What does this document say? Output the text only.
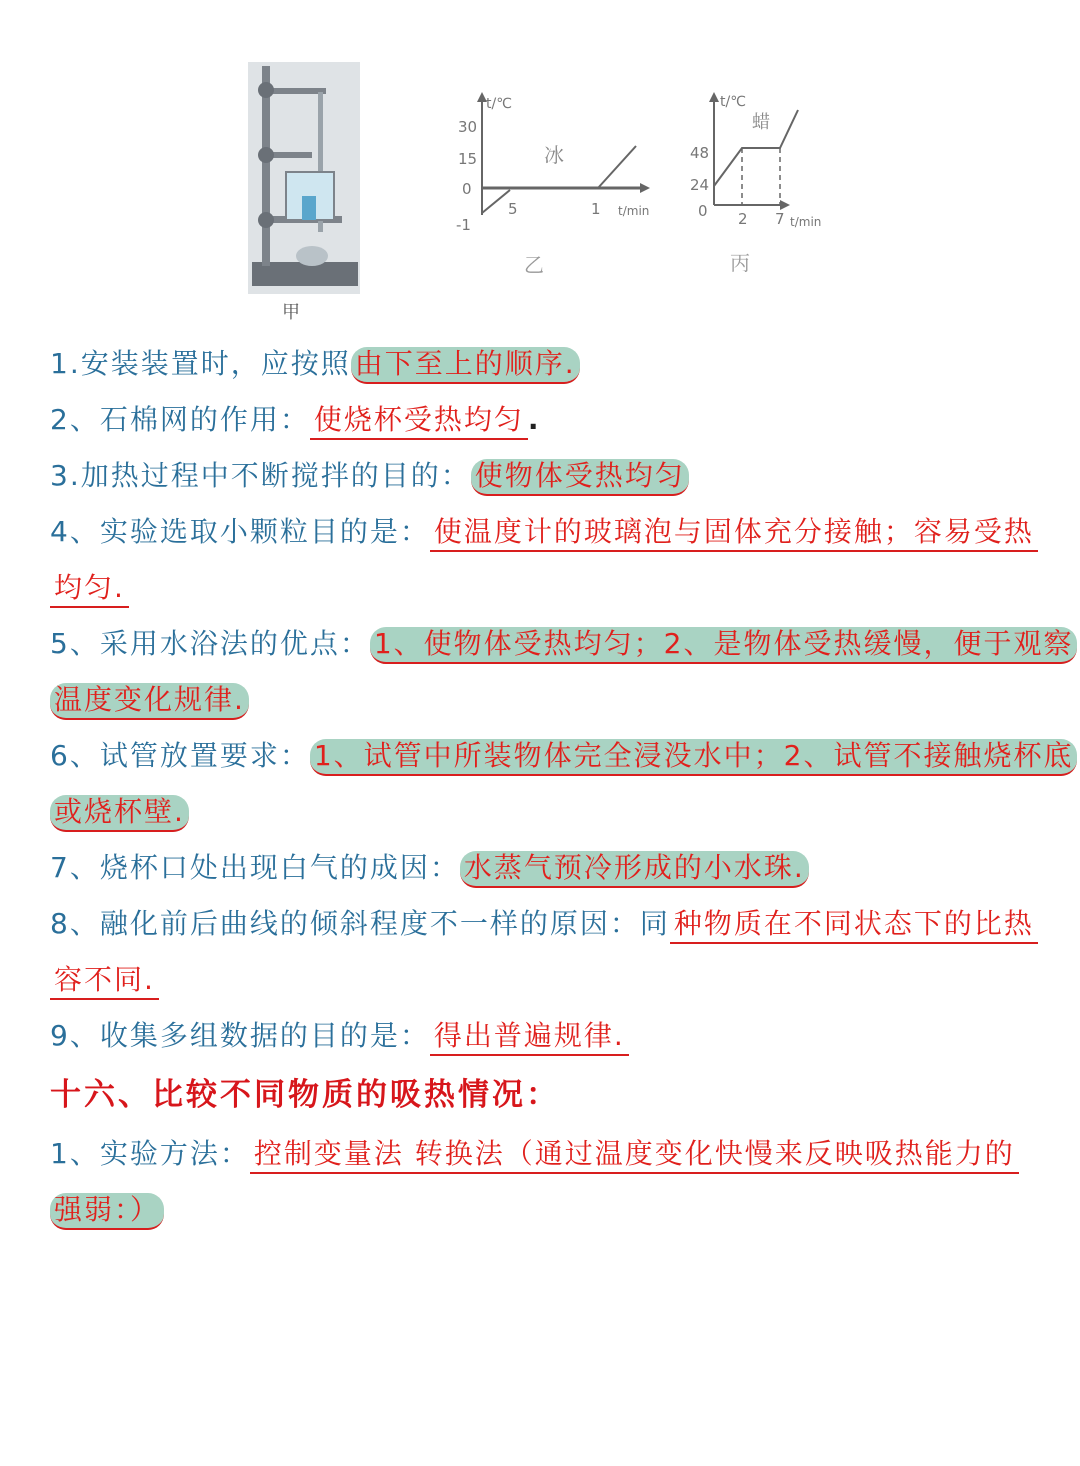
甲
t/℃
t/min
30
15
0
-1
5	1
冰
乙
t/℃
t/min
48
24
0 2 7
蜡
丙
1.安装装置时，应按照 由下至上的顺序.
2、石棉网的作用： 使烧杯受热均匀 .
3.加热过程中不断搅拌的目的： 使物体受热均匀
4、实验选取小颗粒目的是： 使温度计的玻璃泡与固体充分接触；容易受热
均匀.
5、采用水浴法的优点： 1、使物体受热均匀；2、是物体受热缓慢，便于观察
温度变化规律.
6、试管放置要求： 1、试管中所装物体完全浸没水中；2、试管不接触烧杯底
或烧杯壁.
7、烧杯口处出现白气的成因： 水蒸气预冷形成的小水珠.
8、融化前后曲线的倾斜程度不一样的原因：同 种物质在不同状态下的比热
容不同.
9、收集多组数据的目的是： 得出普遍规律.
十六、比较不同物质的吸热情况：
1、实验方法： 控制变量法 转换法（通过温度变化快慢来反映吸热能力的
强弱：）
